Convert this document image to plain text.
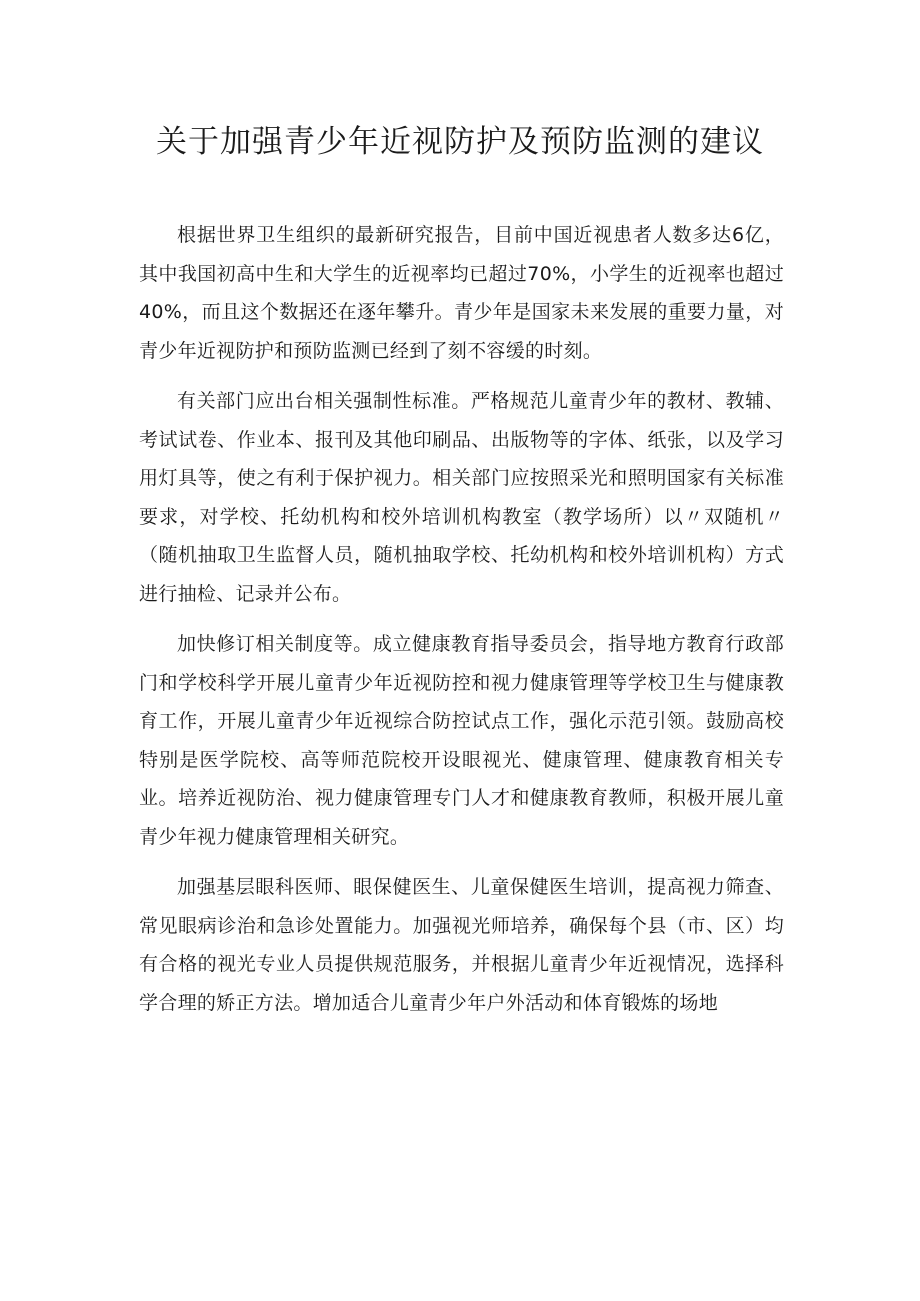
关于加强青少年近视防护及预防监测的建议

根据世界卫生组织的最新研究报告，目前中国近视患者人数多达6亿，其中我国初高中生和大学生的近视率均已超过70%，小学生的近视率也超过40%，而且这个数据还在逐年攀升。青少年是国家未来发展的重要力量，对青少年近视防护和预防监测已经到了刻不容缓的时刻。

有关部门应出台相关强制性标准。严格规范儿童青少年的教材、教辅、考试试卷、作业本、报刊及其他印刷品、出版物等的字体、纸张，以及学习用灯具等，使之有利于保护视力。相关部门应按照采光和照明国家有关标准要求，对学校、托幼机构和校外培训机构教室（教学场所）以〃双随机〃（随机抽取卫生监督人员，随机抽取学校、托幼机构和校外培训机构）方式进行抽检、记录并公布。

加快修订相关制度等。成立健康教育指导委员会，指导地方教育行政部门和学校科学开展儿童青少年近视防控和视力健康管理等学校卫生与健康教育工作，开展儿童青少年近视综合防控试点工作，强化示范引领。鼓励高校特别是医学院校、高等师范院校开设眼视光、健康管理、健康教育相关专业。培养近视防治、视力健康管理专门人才和健康教育教师，积极开展儿童青少年视力健康管理相关研究。

加强基层眼科医师、眼保健医生、儿童保健医生培训，提高视力筛查、常见眼病诊治和急诊处置能力。加强视光师培养，确保每个县（市、区）均有合格的视光专业人员提供规范服务，并根据儿童青少年近视情况，选择科学合理的矫正方法。增加适合儿童青少年户外活动和体育锻炼的场地
